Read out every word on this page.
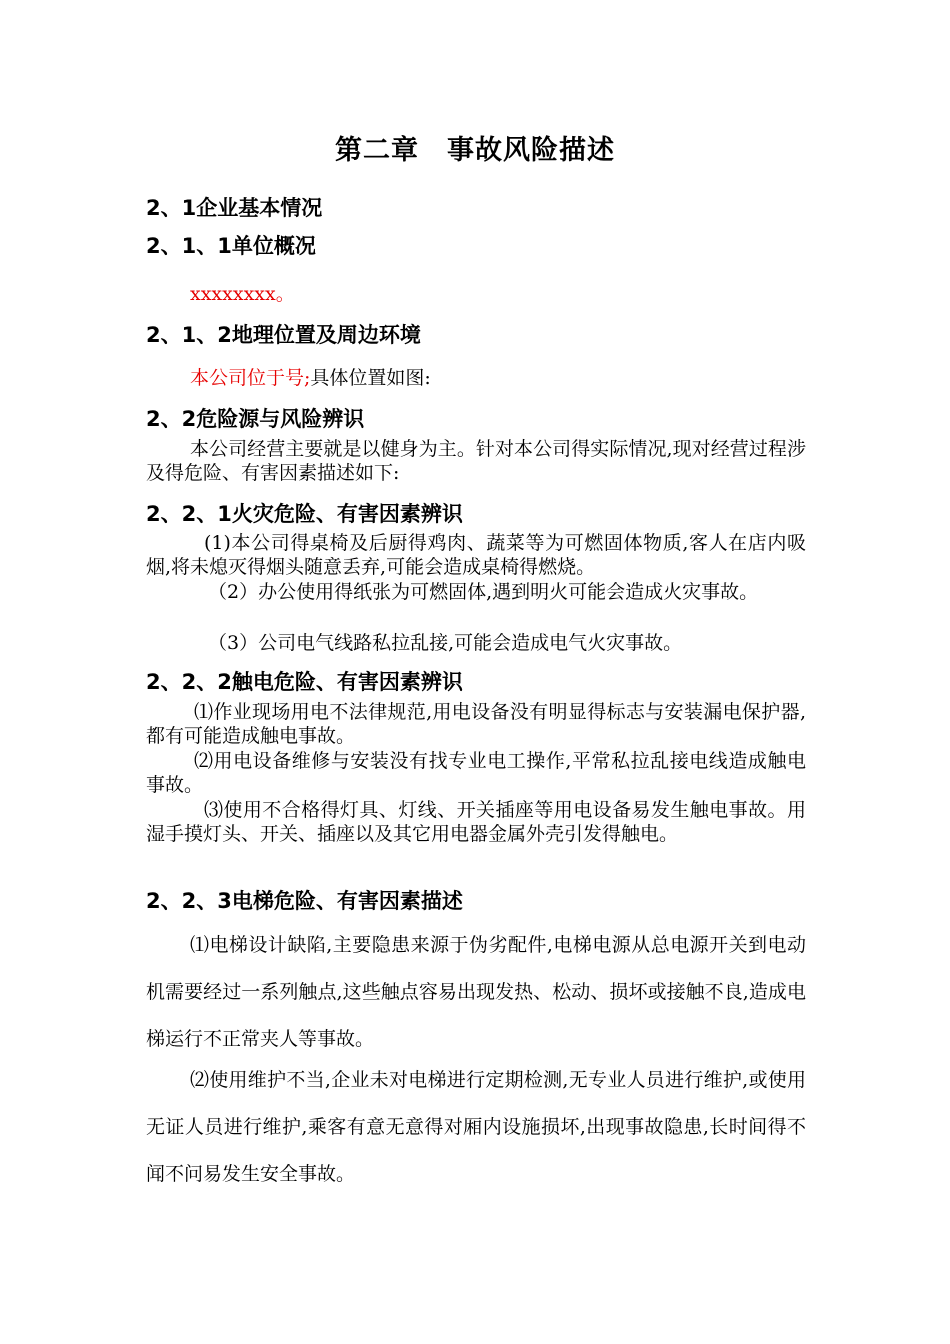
第二章　事故风险描述
2、1企业基本情况
2、1、1单位概况
xxxxxxxx。
2、1、2地理位置及周边环境
本公司位于号;具体位置如图:
2、2危险源与风险辨识
本公司经营主要就是以健身为主。针对本公司得实际情况,现对经营过程涉及得危险、有害因素描述如下:
2、2、1火灾危险、有害因素辨识
(1)本公司得桌椅及后厨得鸡肉、蔬菜等为可燃固体物质,客人在店内吸烟,将未熄灭得烟头随意丢弃,可能会造成桌椅得燃烧。
（2）办公使用得纸张为可燃固体,遇到明火可能会造成火灾事故。
（3）公司电气线路私拉乱接,可能会造成电气火灾事故。
2、2、2触电危险、有害因素辨识
⑴作业现场用电不法律规范,用电设备没有明显得标志与安装漏电保护器,都有可能造成触电事故。
⑵用电设备维修与安装没有找专业电工操作,平常私拉乱接电线造成触电事故。
⑶使用不合格得灯具、灯线、开关插座等用电设备易发生触电事故。用湿手摸灯头、开关、插座以及其它用电器金属外壳引发得触电。
2、2、3电梯危险、有害因素描述
⑴电梯设计缺陷,主要隐患来源于伪劣配件,电梯电源从总电源开关到电动机需要经过一系列触点,这些触点容易出现发热、松动、损坏或接触不良,造成电梯运行不正常夹人等事故。
⑵使用维护不当,企业未对电梯进行定期检测,无专业人员进行维护,或使用无证人员进行维护,乘客有意无意得对厢内设施损坏,出现事故隐患,长时间得不闻不问易发生安全事故。
